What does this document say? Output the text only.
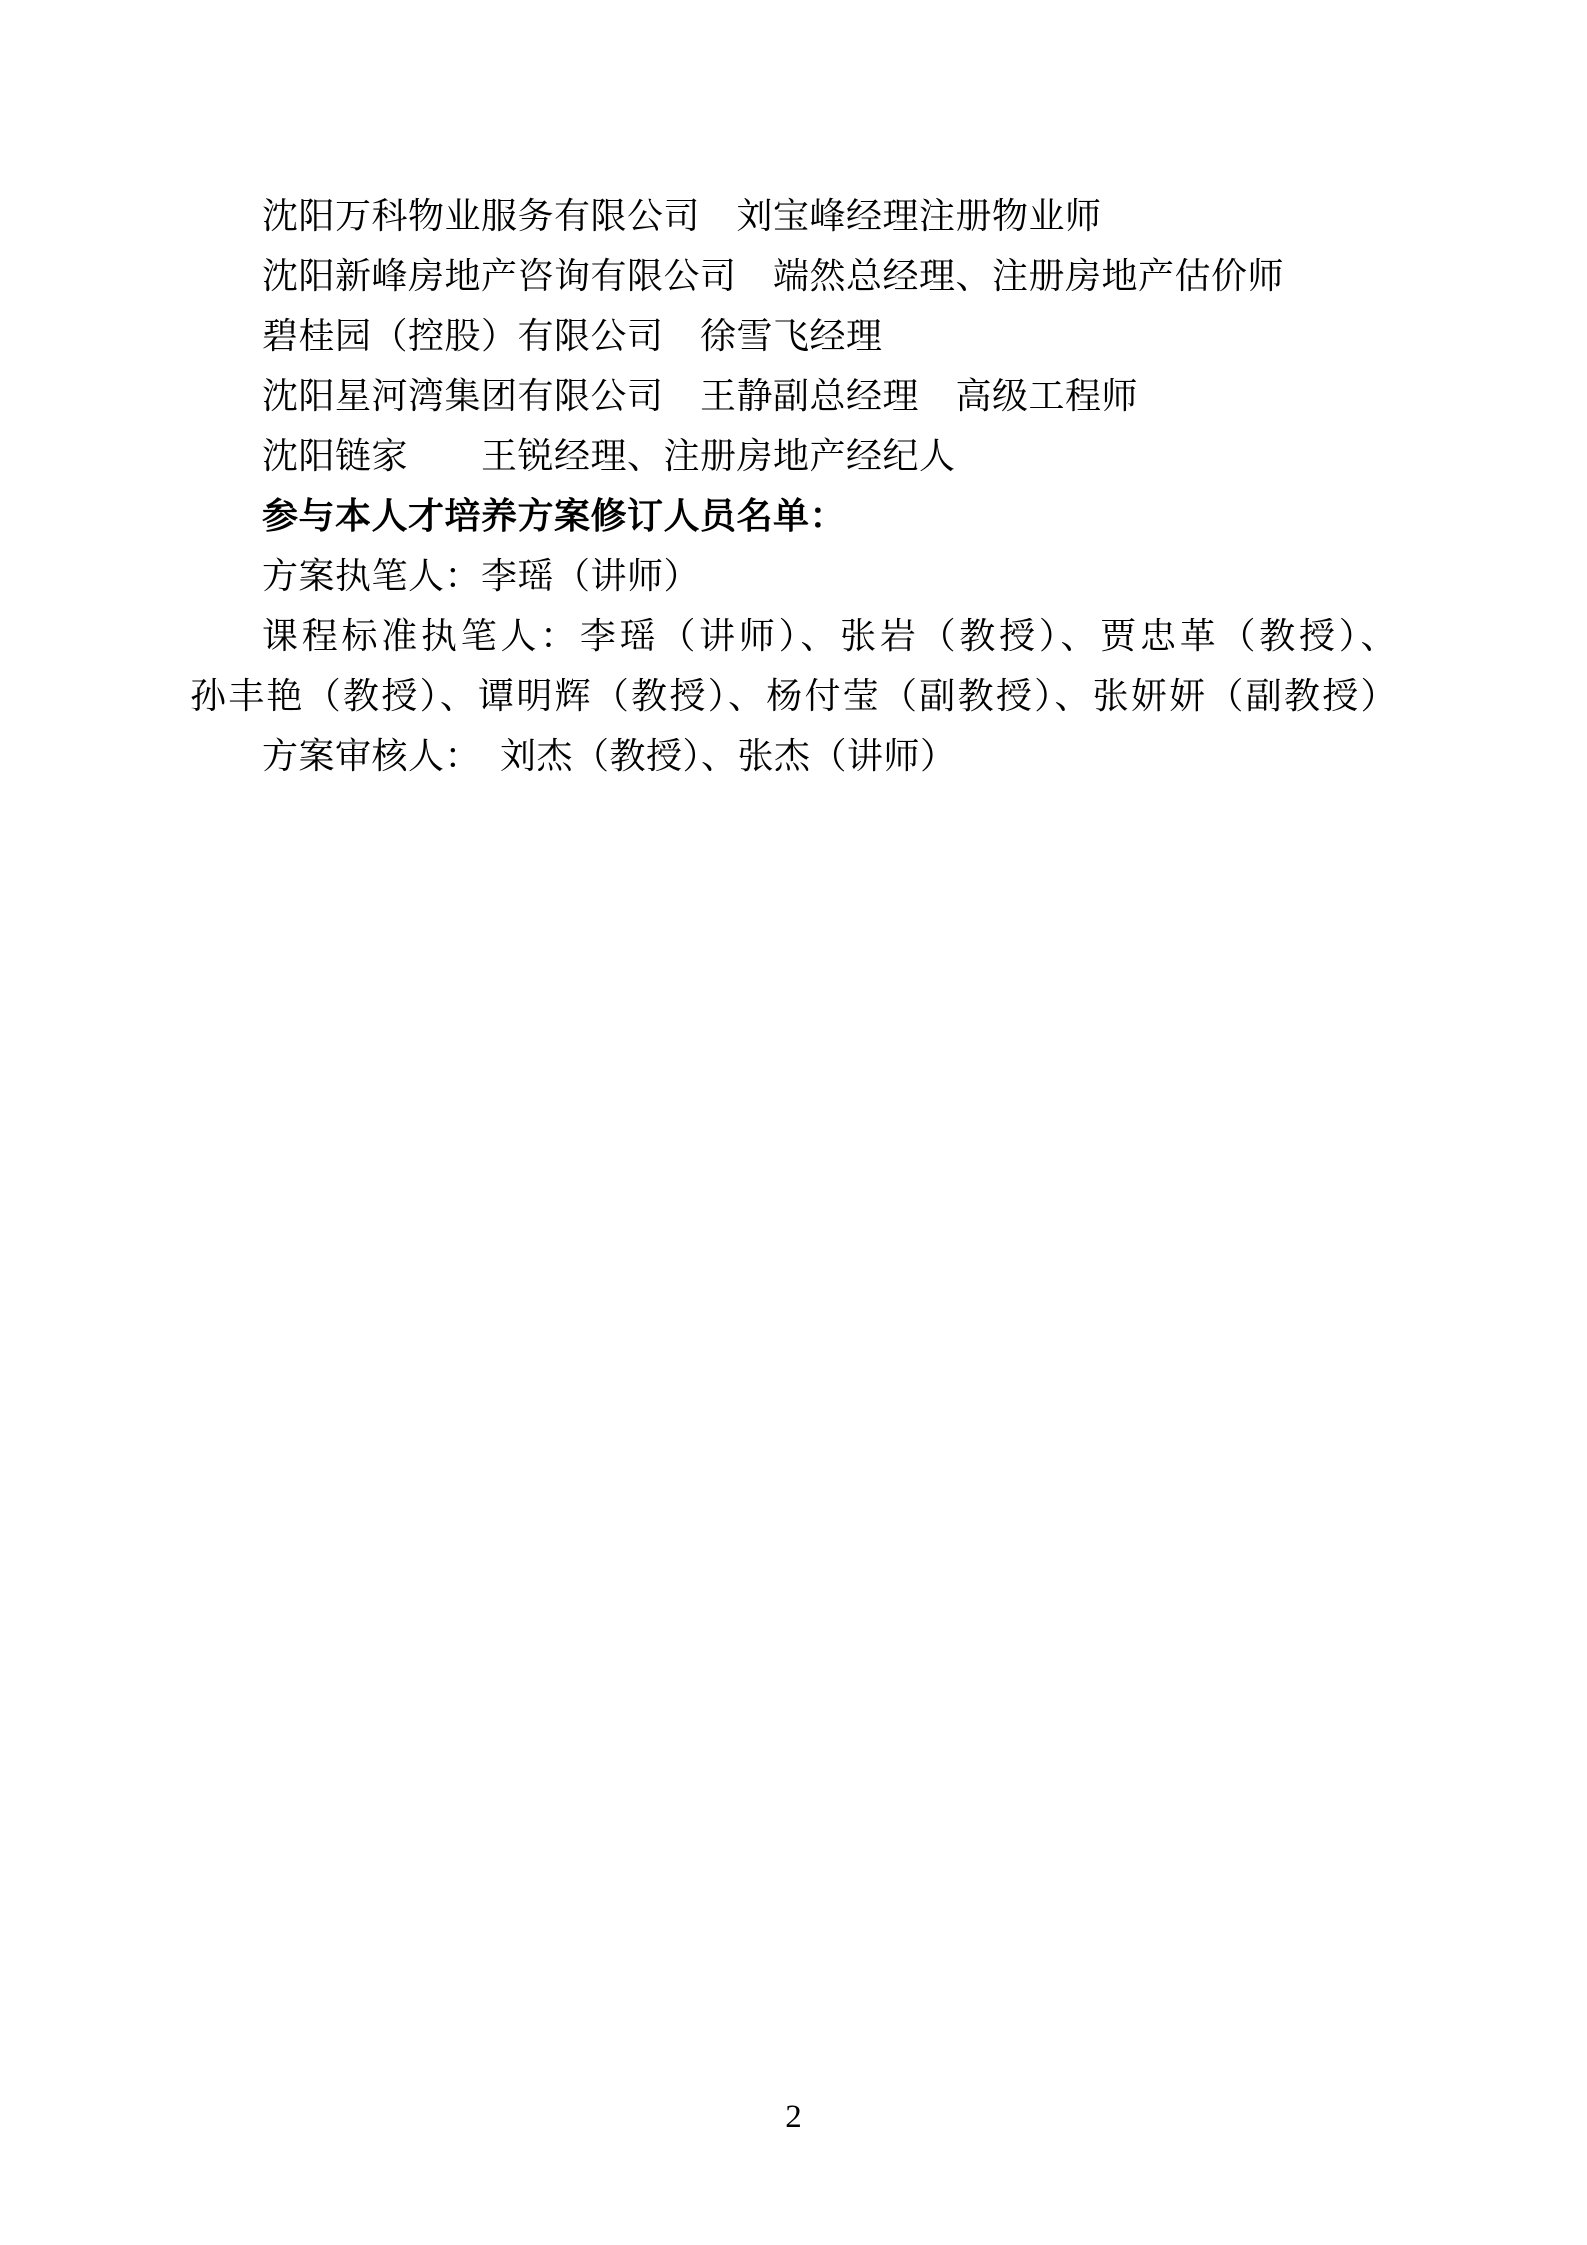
沈阳万科物业服务有限公司　刘宝峰经理注册物业师

沈阳新峰房地产咨询有限公司　端然总经理、注册房地产估价师

碧桂园（控股）有限公司　徐雪飞经理

沈阳星河湾集团有限公司　王静副总经理　高级工程师

沈阳链家　　王锐经理、注册房地产经纪人

参与本人才培养方案修订人员名单：

方案执笔人：李瑶（讲师）

课程标准执笔人：李瑶（讲师）、张岩（教授）、贾忠革（教授）、

孙丰艳（教授）、谭明辉（教授）、杨付莹（副教授）、张妍妍（副教授）

方案审核人：  刘杰（教授）、张杰（讲师）

2
